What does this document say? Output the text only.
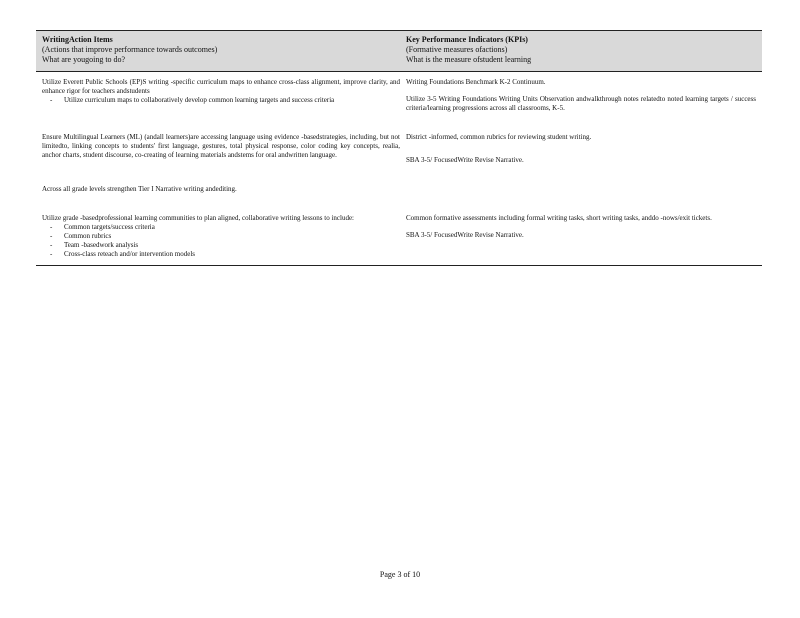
WritingAction Items
(Actions that improve performance towards outcomes)
What are yougoing to do?
Key Performance Indicators (KPIs)
(Formative measures ofactions)
What is the measure ofstudent learning
Utilize Everett Public Schools (EP)S writing -specific curriculum maps to enhance cross-class alignment, improve clarity, and enhance rigor for teachers andstudents
- Utilize curriculum maps to collaboratively develop common learning targets and success criteria
Writing Foundations Benchmark K-2 Continuum.
Utilize 3-5 Writing Foundations Writing Units Observation andwalkthrough notes relatedto noted learning targets / success criteria/learning progressions across all classrooms, K-5.
Ensure Multilingual Learners (ML) (andall learners)are accessing language using evidence -basedstrategies, including, but not limitedto, linking concepts to students' first language, gestures, total physical response, color coding key concepts, realia, anchor charts, student discourse, co-creating of learning materials andstems for oral andwritten language.
District -informed, common rubrics for reviewing student writing.
SBA 3-5/ FocusedWrite Revise Narrative.
Across all grade levels strengthen Tier I Narrative writing andediting.
Utilize grade -basedprofessional learning communities to plan aligned, collaborative writing lessons to include:
- Common targets/success criteria
- Common rubrics
- Team -basedwork analysis
- Cross-class reteach and/or intervention models
Common formative assessments including formal writing tasks, short writing tasks, anddo -nows/exit tickets.
SBA 3-5/ FocusedWrite Revise Narrative.
Page 3 of 10
